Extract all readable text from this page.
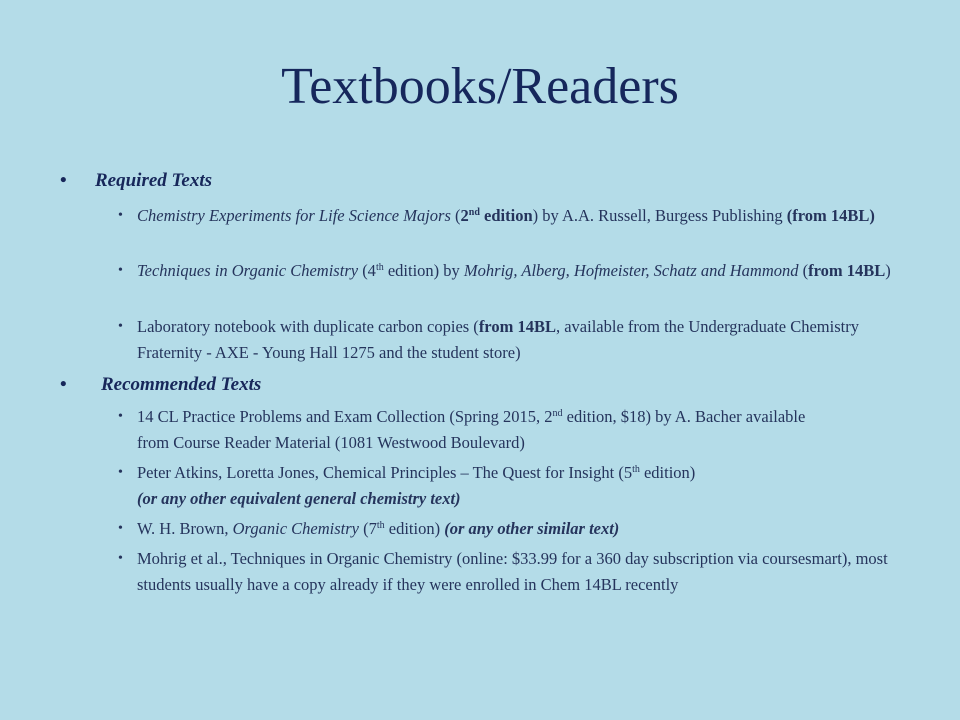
Textbooks/Readers
• Required Texts
• Chemistry Experiments for Life Science Majors (2nd edition) by A.A. Russell, Burgess Publishing (from 14BL)
• Techniques in Organic Chemistry (4th edition) by Mohrig, Alberg, Hofmeister, Schatz and Hammond (from 14BL)
• Laboratory notebook with duplicate carbon copies (from 14BL, available from the Undergraduate Chemistry Fraternity - AXE - Young Hall 1275 and the student store)
• Recommended Texts
• 14 CL Practice Problems and Exam Collection (Spring 2015, 2nd edition, $18) by A. Bacher available from Course Reader Material (1081 Westwood Boulevard)
• Peter Atkins, Loretta Jones, Chemical Principles – The Quest for Insight (5th edition)
(or any other equivalent general chemistry text)
• W. H. Brown, Organic Chemistry (7th edition) (or any other similar text)
• Mohrig et al., Techniques in Organic Chemistry (online: $33.99 for a 360 day subscription via coursesmart), most students usually have a copy already if they were enrolled in Chem 14BL recently
